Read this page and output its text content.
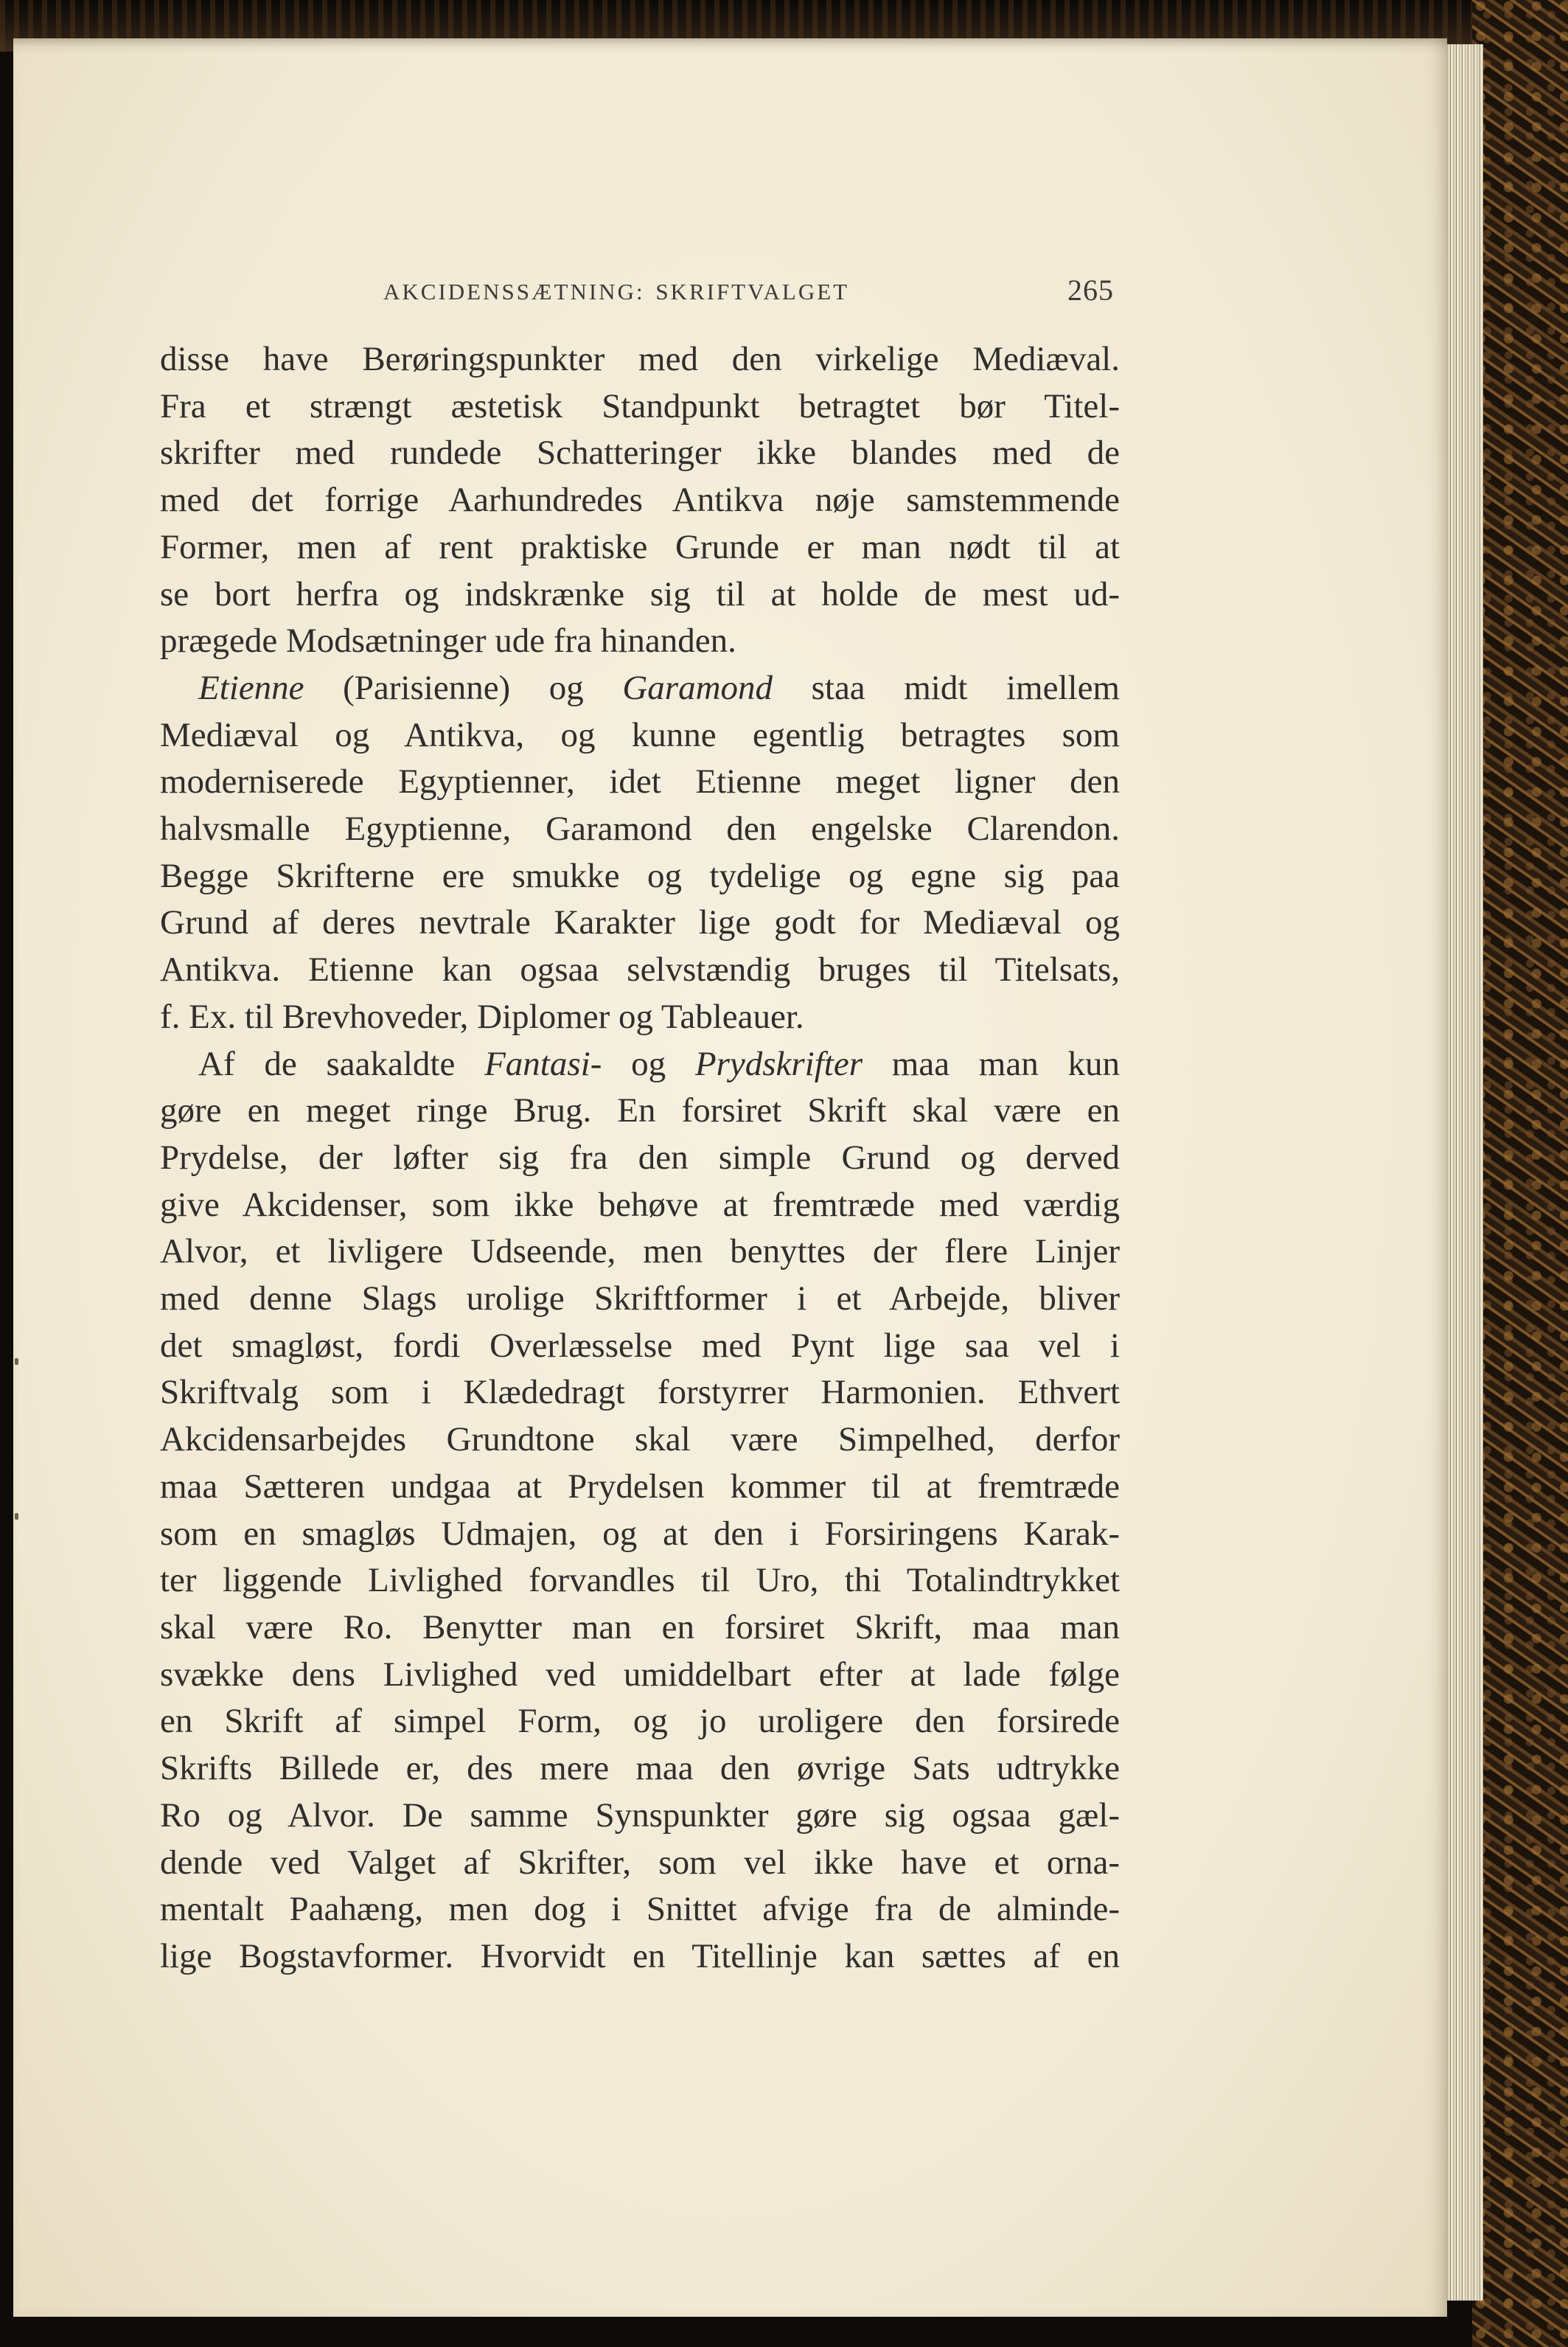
AKCIDENSSÆTNING: SKRIFTVALGET	265
disse have Berøringspunkter med den virkelige Mediæval.
Fra et strængt æstetisk Standpunkt betragtet bør Titel-
skrifter med rundede Schatteringer ikke blandes med de
med det forrige Aarhundredes Antikva nøje samstemmende
Former, men af rent praktiske Grunde er man nødt til at
se bort herfra og indskrænke sig til at holde de mest ud-
prægede Modsætninger ude fra hinanden.
Etienne (Parisienne) og Garamond staa midt imellem
Mediæval og Antikva, og kunne egentlig betragtes som
moderniserede Egyptienner, idet Etienne meget ligner den
halvsmalle Egyptienne, Garamond den engelske Clarendon.
Begge Skrifterne ere smukke og tydelige og egne sig paa
Grund af deres nevtrale Karakter lige godt for Mediæval og
Antikva. Etienne kan ogsaa selvstændig bruges til Titelsats,
f. Ex. til Brevhoveder, Diplomer og Tableauer.
Af de saakaldte Fantasi- og Prydskrifter maa man kun
gøre en meget ringe Brug. En forsiret Skrift skal være en
Prydelse, der løfter sig fra den simple Grund og derved
give Akcidenser, som ikke behøve at fremtræde med værdig
Alvor, et livligere Udseende, men benyttes der flere Linjer
med denne Slags urolige Skriftformer i et Arbejde, bliver
det smagløst, fordi Overlæsselse med Pynt lige saa vel i
Skriftvalg som i Klædedragt forstyrrer Harmonien. Ethvert
Akcidensarbejdes Grundtone skal være Simpelhed, derfor
maa Sætteren undgaa at Prydelsen kommer til at fremtræde
som en smagløs Udmajen, og at den i Forsiringens Karak-
ter liggende Livlighed forvandles til Uro, thi Totalindtrykket
skal være Ro. Benytter man en forsiret Skrift, maa man
svække dens Livlighed ved umiddelbart efter at lade følge
en Skrift af simpel Form, og jo uroligere den forsirede
Skrifts Billede er, des mere maa den øvrige Sats udtrykke
Ro og Alvor. De samme Synspunkter gøre sig ogsaa gæl-
dende ved Valget af Skrifter, som vel ikke have et orna-
mentalt Paahæng, men dog i Snittet afvige fra de alminde-
lige Bogstavformer. Hvorvidt en Titellinje kan sættes af en
